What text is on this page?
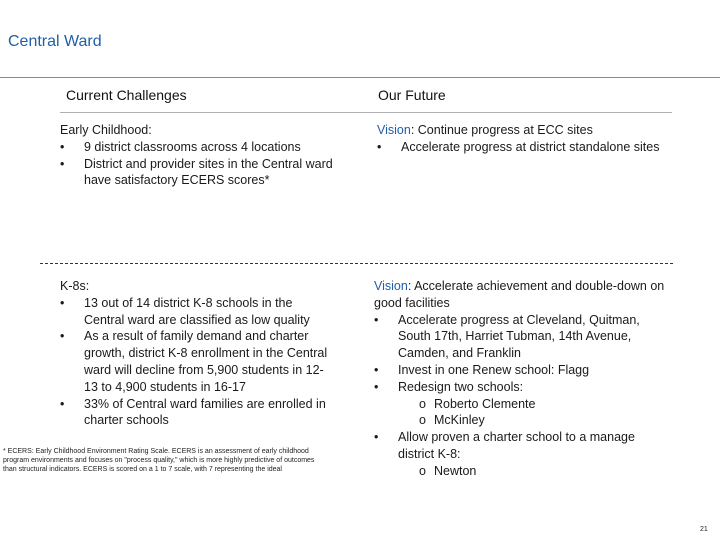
Central Ward
Current Challenges	Our Future

Early Childhood:

• 9 district classrooms across 4 locations
• District and provider sites in the Central ward have satisfactory ECERS scores*

Vision: Continue progress at ECC sites

• Accelerate progress at district standalone sites

K-8s:

• 13 out of 14 district K-8 schools in the Central ward are classified as low quality
• As a result of family demand and charter growth, district K-8 enrollment in the Central ward will decline from 5,900 students in 12-13 to 4,900 students in 16-17
• 33% of Central ward families are enrolled in charter schools

Vision: Accelerate achievement and double-down on good facilities

• Accelerate progress at Cleveland, Quitman, South 17th, Harriet Tubman, 14th Avenue, Camden, and Franklin
• Invest in one Renew school: Flagg
• Redesign two schools:
o Roberto Clemente
o McKinley
• Allow proven a charter school to a manage district K-8:
o Newton
* ECERS: Early Childhood Environment Rating Scale. ECERS is an assessment of early childhood program environments and focuses on "process quality," which is more highly predictive of outcomes than structural indicators. ECERS is scored on a 1 to 7 scale, with 7 representing the ideal
21
